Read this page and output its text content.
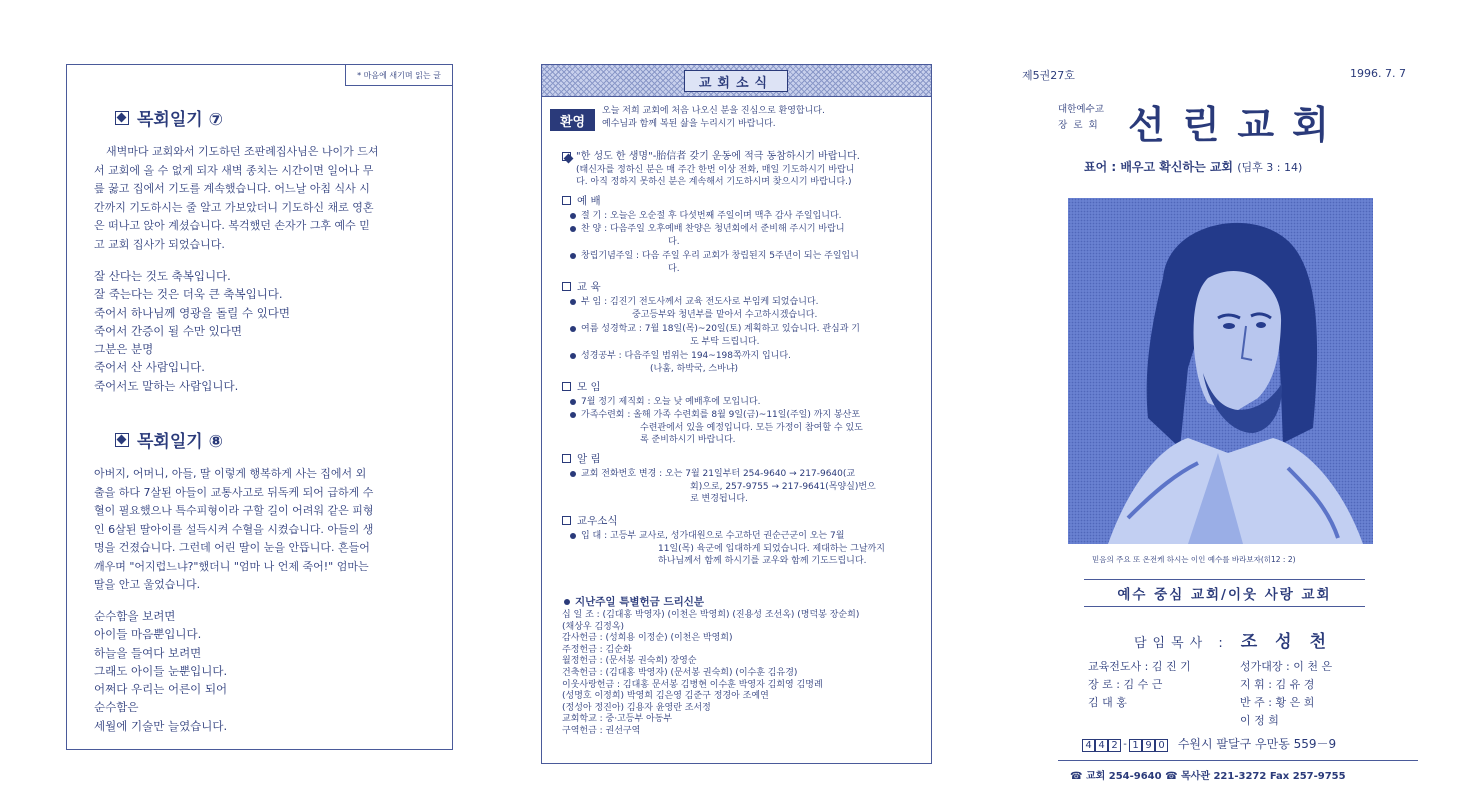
* 마음에 새기며 읽는 글
목회일기 ⑦
새벽마다 교회와서 기도하던 조판례집사님은 나이가 드셔
서 교회에 올 수 없게 되자 새벽 종치는 시간이면 일어나 무
릎 꿇고 집에서 기도를 계속했습니다. 어느날 아침 식사 시
간까지 기도하시는 줄 알고 가보았더니 기도하신 채로 영혼
은 떠나고 앉아 계셨습니다. 복걱했던 손자가 그후 예수 믿
고 교회 집사가 되었습니다.
잘 산다는 것도 축복입니다.
잘 죽는다는 것은 더욱 큰 축복입니다.
죽어서 하나님께 영광을 돌릴 수 있다면
죽어서 간증이 될 수만 있다면
그분은 분명
죽어서 산 사람입니다.
죽어서도 말하는 사람입니다.
목회일기 ⑧
아버지, 어머니, 아들, 딸 이렇게 행복하게 사는 집에서 외
출을 하다 7살된 아들이 교통사고로 뒤독케 되어 급하게 수
혈이 필요했으나 특수피형이라 구할 길이 어려워 같은 피형
인 6살된 딸아이를 설득시켜 수혈을 시켰습니다. 아들의 생
명을 건졌습니다. 그런데 어린 딸이 눈을 안뜹니다. 흔들어
깨우며 "어지럽느냐?"했더니 "엄마 나 언제 죽어!" 엄마는
딸을 안고 울었습니다.
순수함을 보려면
아이들 마음뿐입니다.
하늘을 들여다 보려면
그래도 아이들 눈뿐입니다.
어쩌다 우리는 어른이 되어
순수함은
세월에 기술만 늘였습니다.
교회소식
환영
오늘 저희 교회에 처음 나오신 분을 진심으로 환영합니다.
예수님과 함께 복된 삶을 누리시기 바랍니다.
"한 성도 한 생명"-胎信者 갖기 운동에 적극 동참하시기 바랍니다.
(태신자를 정하신 분은 매 주간 한번 이상 전화, 매일 기도하시기 바랍니
다. 아직 정하지 못하신 분은 계속해서 기도하시며 찾으시기 바랍니다.)
예 배
절 기 : 오늘은 오순절 후 다섯번째 주일이며 맥추 감사 주일입니다.
찬 양 : 다음주일 오후예배 찬양은 청년회에서 준비해 주시기 바랍니
다.
창립기념주일 : 다음 주일 우리 교회가 창립된지 5주년이 되는 주일입니
다.
교 육
부 임 : 김진기 전도사께서 교육 전도사로 부임케 되었습니다.
중고등부와 청년부를 맡아서 수고하시겠습니다.
여름 성경학교 : 7월 18일(목)~20일(토) 계획하고 있습니다. 관심과 기
도 부탁 드립니다.
성경공부 : 다음주일 범위는 194~198쪽까지 입니다.
(나훔, 하박국, 스바냐)
모 임
7월 정기 제직회 : 오늘 낮 예배후에 모입니다.
가족수련회 : 올해 가족 수련회를 8월 9일(금)~11일(주일) 까지 봉산포
수련관에서 있을 예정입니다. 모든 가정이 참여할 수 있도
록 준비하시기 바랍니다.
알 림
교회 전화번호 변경 : 오는 7월 21일부터 254-9640 → 217-9640(교
회)으로, 257-9755 → 217-9641(목양실)번으
로 변경됩니다.
교우소식
입 대 : 고등부 교사로, 성가대원으로 수고하던 권순근군이 오는 7월
11일(목) 육군에 입대하게 되었습니다. 제대하는 그날까지
하나님께서 함께 하시기를 교우와 함께 기도드립니다.
지난주일 특별헌금 드리신분
십 일 조 : (김대홍 박영자) (이천은 박영희) (진용성 조선옥) (명덕봉 장순희)
(채상우 김정옥)
감사헌금 : (성희용 이정순) (이천은 박영희)
주정헌금 : 김순화
월정헌금 : (문서봉 권숙희) 장영순
건축헌금 : (김대홍 박영자) (문서봉 권숙희) (이수훈 김유경)
이웃사랑헌금 : 김대홍 문서봉 김병현 이수훈 박영자 김희영 김명례
(성명호 이정희) 박영희 김은영 김준구 정경아 조예연
(정성아 정진아) 김용자 윤영란 조서정
교회학교 : 중·고등부 아동부
구역헌금 : 권선구역
제5권27호	1996. 7. 7
대한예수교
장로회 선린교회
표어 : 배우고 확신하는 교회 (딤후 3 : 14)
믿음의 주요 또 온전케 하시는 이인 예수를 바라보자(히12 : 2)
예수 중심 교회/이웃 사랑 교회
담임목사 : 조성천
교육전도사 : 김 진 기
장 로 : 김 수 근
김 대 홍
성가대장 : 이 천 은
지 휘 : 김 유 경
반 주 : 황 은 희
이 정 희
4 4 2 - 1 9 0 수원시 팔달구 우만동 559－9
☎ 교회 254-9640 ☎ 목사관 221-3272 Fax 257-9755
